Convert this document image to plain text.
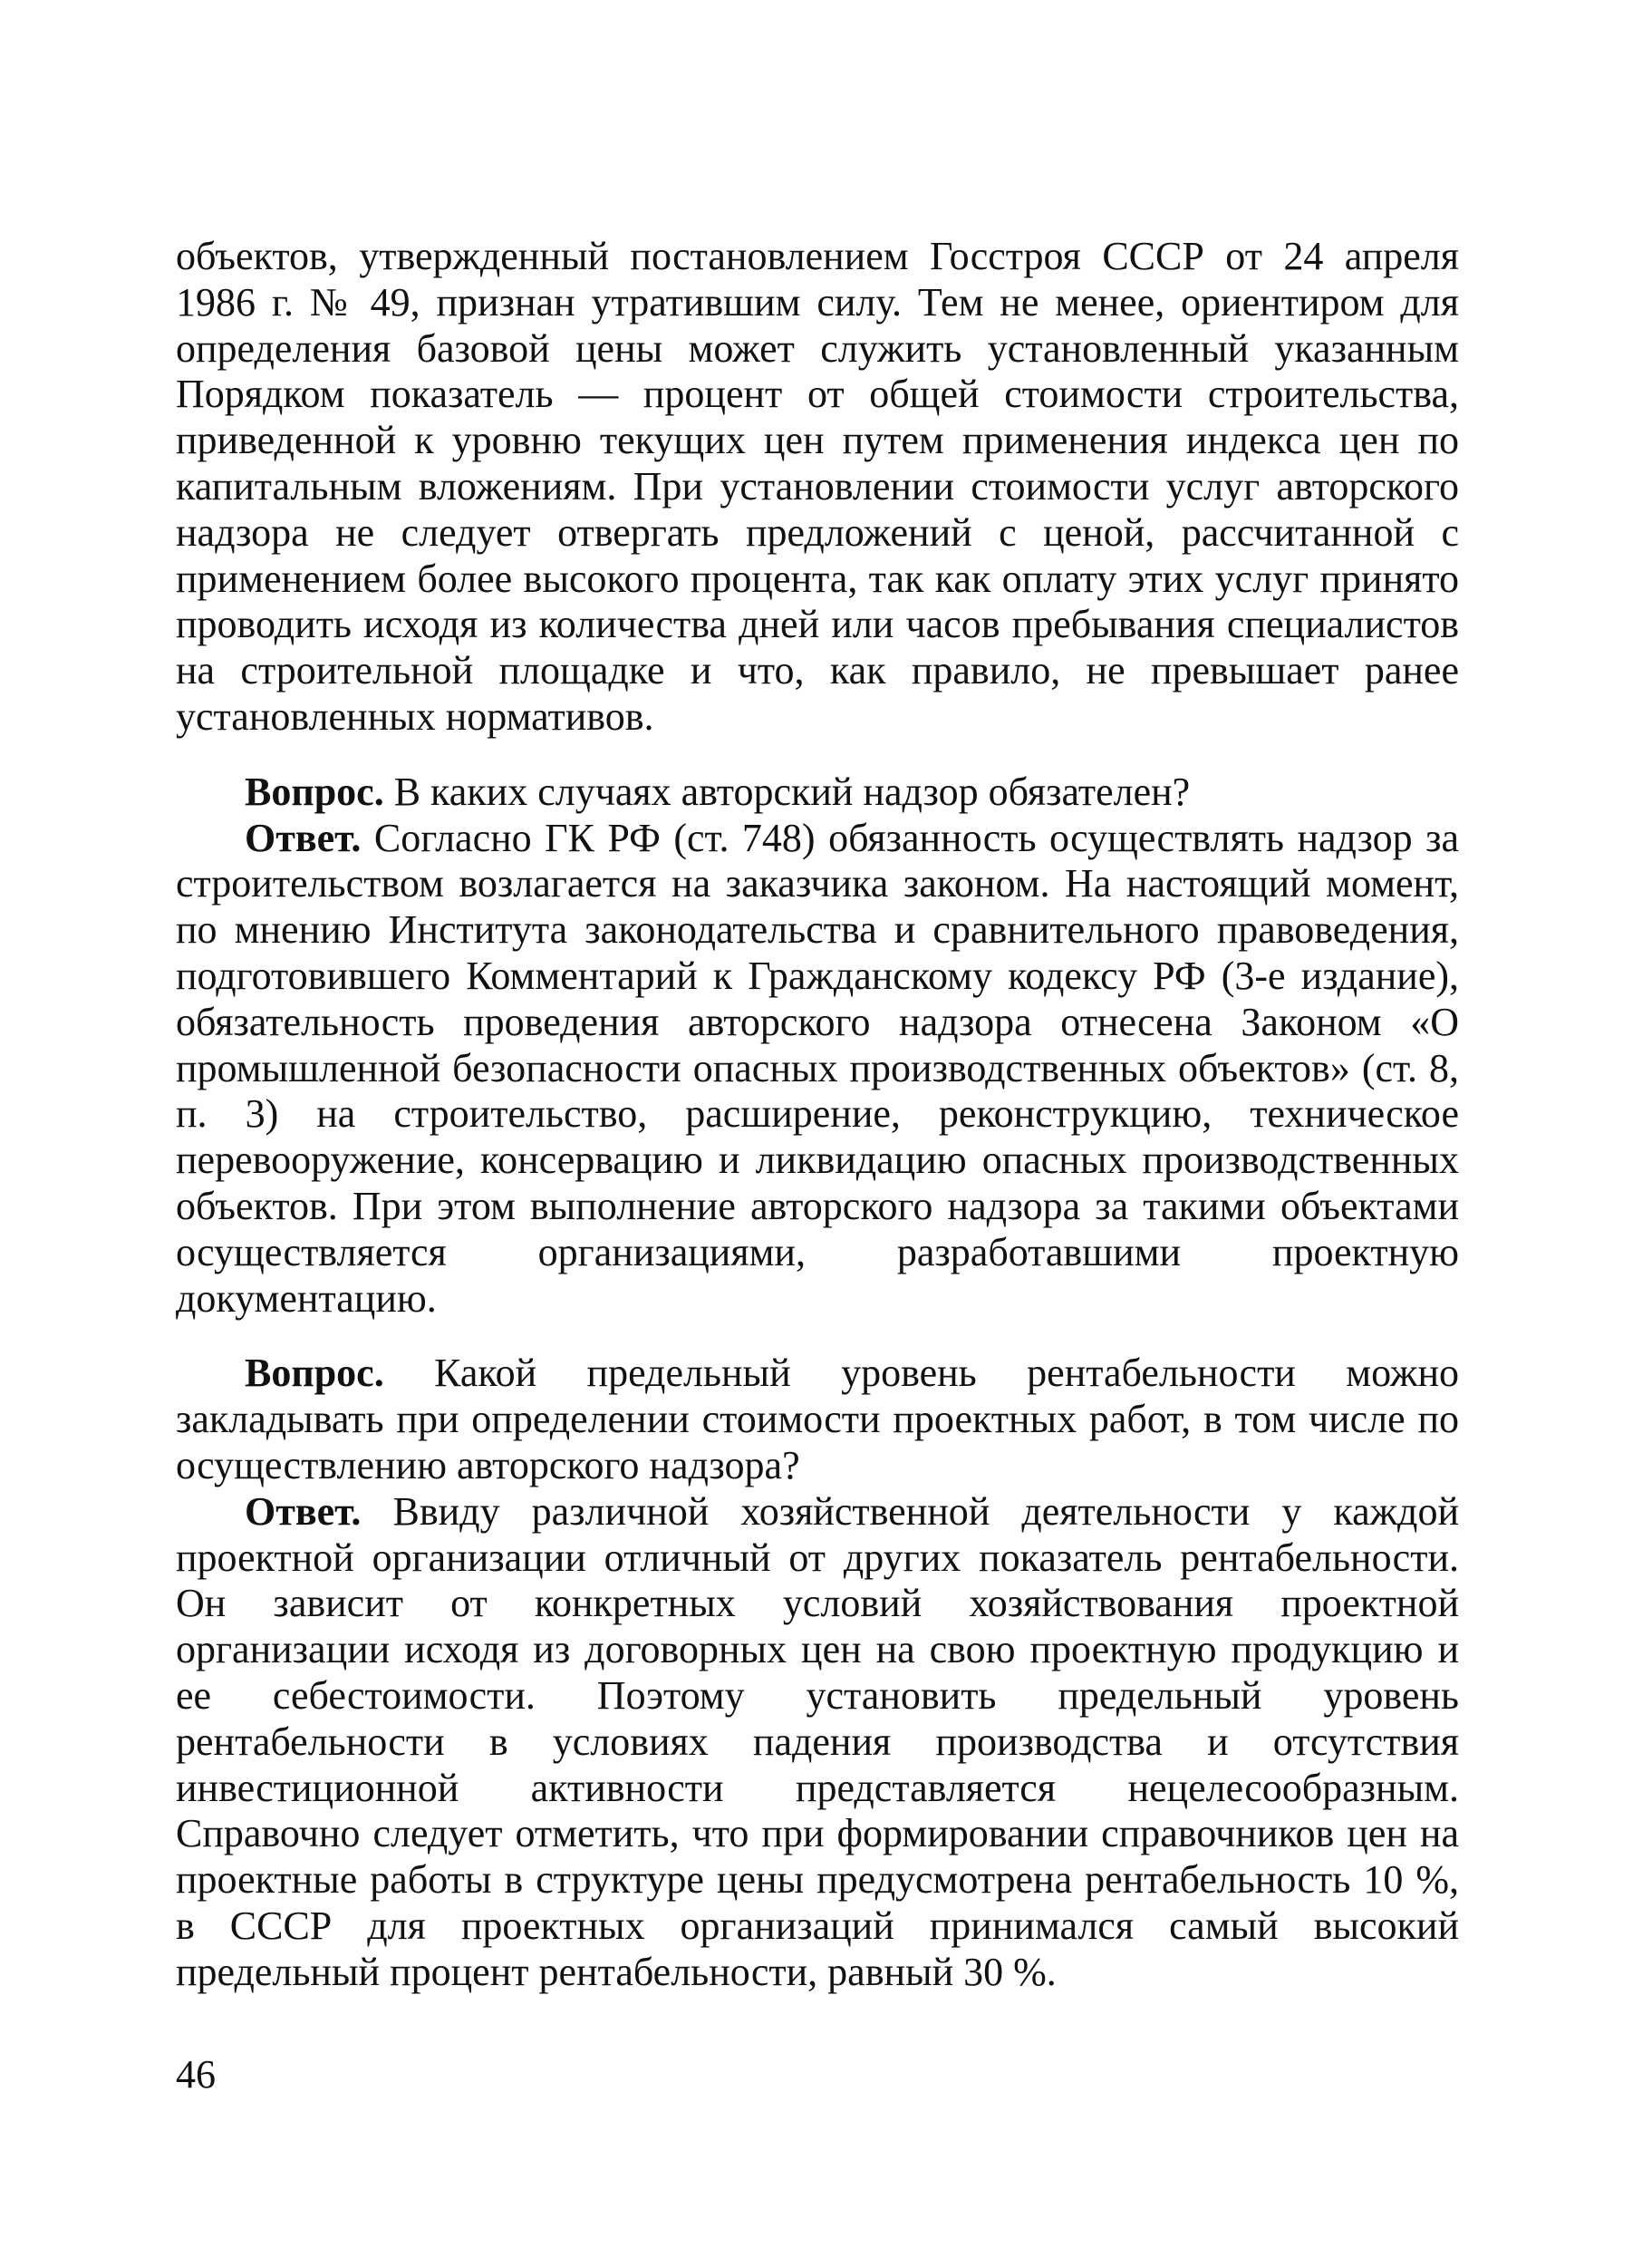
объектов, утвержденный постановлением Госстроя СССР от 24 апреля 1986 г. № 49, признан утратившим силу. Тем не менее, ориентиром для определения базовой цены может служить установленный указанным Порядком показатель — процент от общей стоимости строительства, приведенной к уровню текущих цен путем применения индекса цен по капитальным вложениям. При установлении стоимости услуг авторского надзора не следует отвергать предложений с ценой, рассчитанной с применением более высокого процента, так как оплату этих услуг принято проводить исходя из количества дней или часов пребывания специалистов на строительной площадке и что, как правило, не превышает ранее установленных нормативов.

Вопрос. В каких случаях авторский надзор обязателен?

Ответ. Согласно ГК РФ (ст. 748) обязанность осуществлять надзор за строительством возлагается на заказчика законом. На настоящий момент, по мнению Института законодательства и сравнительного правоведения, подготовившего Комментарий к Гражданскому кодексу РФ (3-е издание), обязательность проведения авторского надзора отнесена Законом «О промышленной безопасности опасных производственных объектов» (ст. 8, п. 3) на строительство, расширение, реконструкцию, техническое перевооружение, консервацию и ликвидацию опасных производственных объектов. При этом выполнение авторского надзора за такими объектами осуществляется организациями, разработавшими проектную документацию.

Вопрос. Какой предельный уровень рентабельности можно закладывать при определении стоимости проектных работ, в том числе по осуществлению авторского надзора?

Ответ. Ввиду различной хозяйственной деятельности у каждой проектной организации отличный от других показатель рентабельности. Он зависит от конкретных условий хозяйствования проектной организации исходя из договорных цен на свою проектную продукцию и ее себестоимости. Поэтому установить предельный уровень рентабельности в условиях падения производства и отсутствия инвестиционной активности представляется нецелесообразным. Справочно следует отметить, что при формировании справочников цен на проектные работы в структуре цены предусмотрена рентабельность 10 %, в СССР для проектных организаций принимался самый высокий предельный процент рентабельности, равный 30 %.

46
